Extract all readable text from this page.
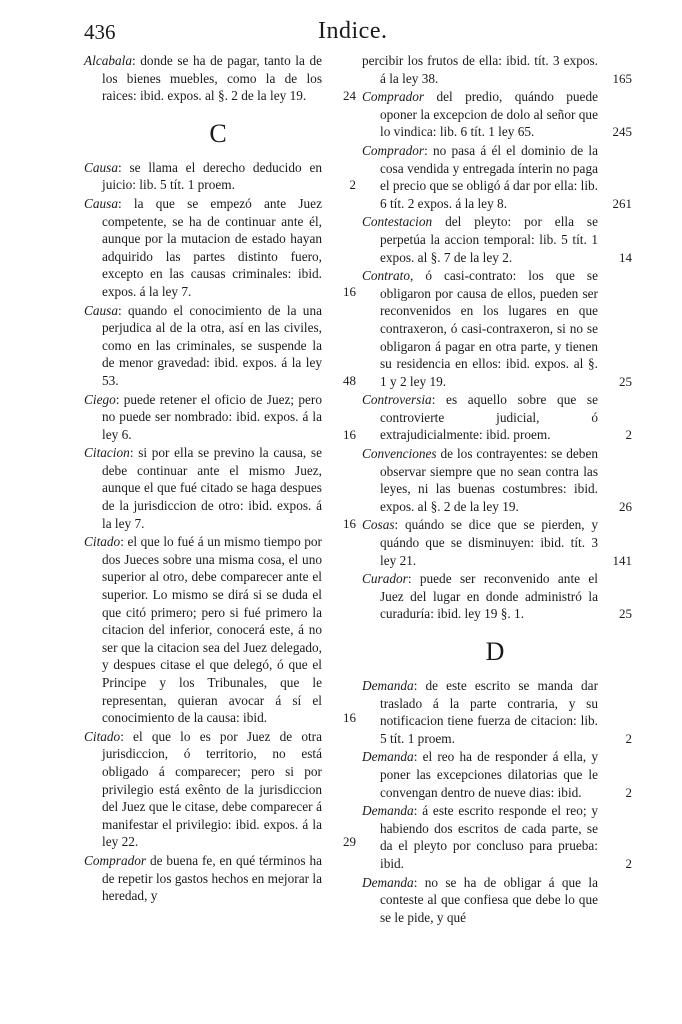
436	Indice.
Alcabala: donde se ha de pagar, tanto la de los bienes muebles, como la de los raices: ibid. expos. al §. 2 de la ley 19.	24
C
Causa: se llama el derecho deducido en juicio: lib. 5 tít. 1 proem.	2
Causa: la que se empezó ante Juez competente, se ha de continuar ante él, aunque por la mutacion de estado hayan adquirido las partes distinto fuero, excepto en las causas criminales: ibid. expos. á la ley 7.	16
Causa: quando el conocimiento de la una perjudica al de la otra, así en las civiles, como en las criminales, se suspende la de menor gravedad: ibid. expos. á la ley 53.	48
Ciego: puede retener el oficio de Juez; pero no puede ser nombrado: ibid. expos. á la ley 6.	16
Citacion: si por ella se previno la causa, se debe continuar ante el mismo Juez, aunque el que fué citado se haga despues de la jurisdiccion de otro: ibid. expos. á la ley 7.	16
Citado: el que lo fué á un mismo tiempo por dos Jueces sobre una misma cosa, el uno superior al otro, debe comparecer ante el superior. Lo mismo se dirá si se duda el que citó primero; pero si fué primero la citacion del inferior, conocerá este, á no ser que la citacion sea del Juez delegado, y despues citase el que delegó, ó que el Principe y los Tribunales, que le representan, quieran avocar á sí el conocimiento de la causa: ibid.	16
Citado: el que lo es por Juez de otra jurisdiccion, ó territorio, no está obligado á comparecer; pero si por privilegio está exênto de la jurisdiccion del Juez que le citase, debe comparecer á manifestar el privilegio: ibid. expos. á la ley 22.	29
Comprador de buena fe, en qué términos ha de repetir los gastos hechos en mejorar la heredad, y
percibir los frutos de ella: ibid. tít. 3 expos. á la ley 38.	165
Comprador del predio, quándo puede oponer la excepcion de dolo al señor que lo vindica: lib. 6 tít. 1 ley 65.	245
Comprador: no pasa á él el dominio de la cosa vendida y entregada ínterin no paga el precio que se obligó á dar por ella: lib. 6 tít. 2 expos. á la ley 8.	261
Contestacion del pleyto: por ella se perpetúa la accion temporal: lib. 5 tít. 1 expos. al §. 7 de la ley 2.	14
Contrato, ó casi-contrato: los que se obligaron por causa de ellos, pueden ser reconvenidos en los lugares en que contraxeron, ó casi-contraxeron, si no se obligaron á pagar en otra parte, y tienen su residencia en ellos: ibid. expos. al §. 1 y 2 ley 19.	25
Controversia: es aquello sobre que se controvierte judicial, ó extrajudicialmente: ibid. proem.	2
Convenciones de los contrayentes: se deben observar siempre que no sean contra las leyes, ni las buenas costumbres: ibid. expos. al §. 2 de la ley 19.	26
Cosas: quándo se dice que se pierden, y quándo que se disminuyen: ibid. tít. 3 ley 21.	141
Curador: puede ser reconvenido ante el Juez del lugar en donde administró la curaduría: ibid. ley 19 §. 1.	25
D
Demanda: de este escrito se manda dar traslado á la parte contraria, y su notificacion tiene fuerza de citacion: lib. 5 tít. 1 proem.	2
Demanda: el reo ha de responder á ella, y poner las excepciones dilatorias que le convengan dentro de nueve dias: ibid.	2
Demanda: á este escrito responde el reo; y habiendo dos escritos de cada parte, se da el pleyto por concluso para prueba: ibid.	2
Demanda: no se ha de obligar á que la conteste al que confiesa que debe lo que se le pide, y qué
